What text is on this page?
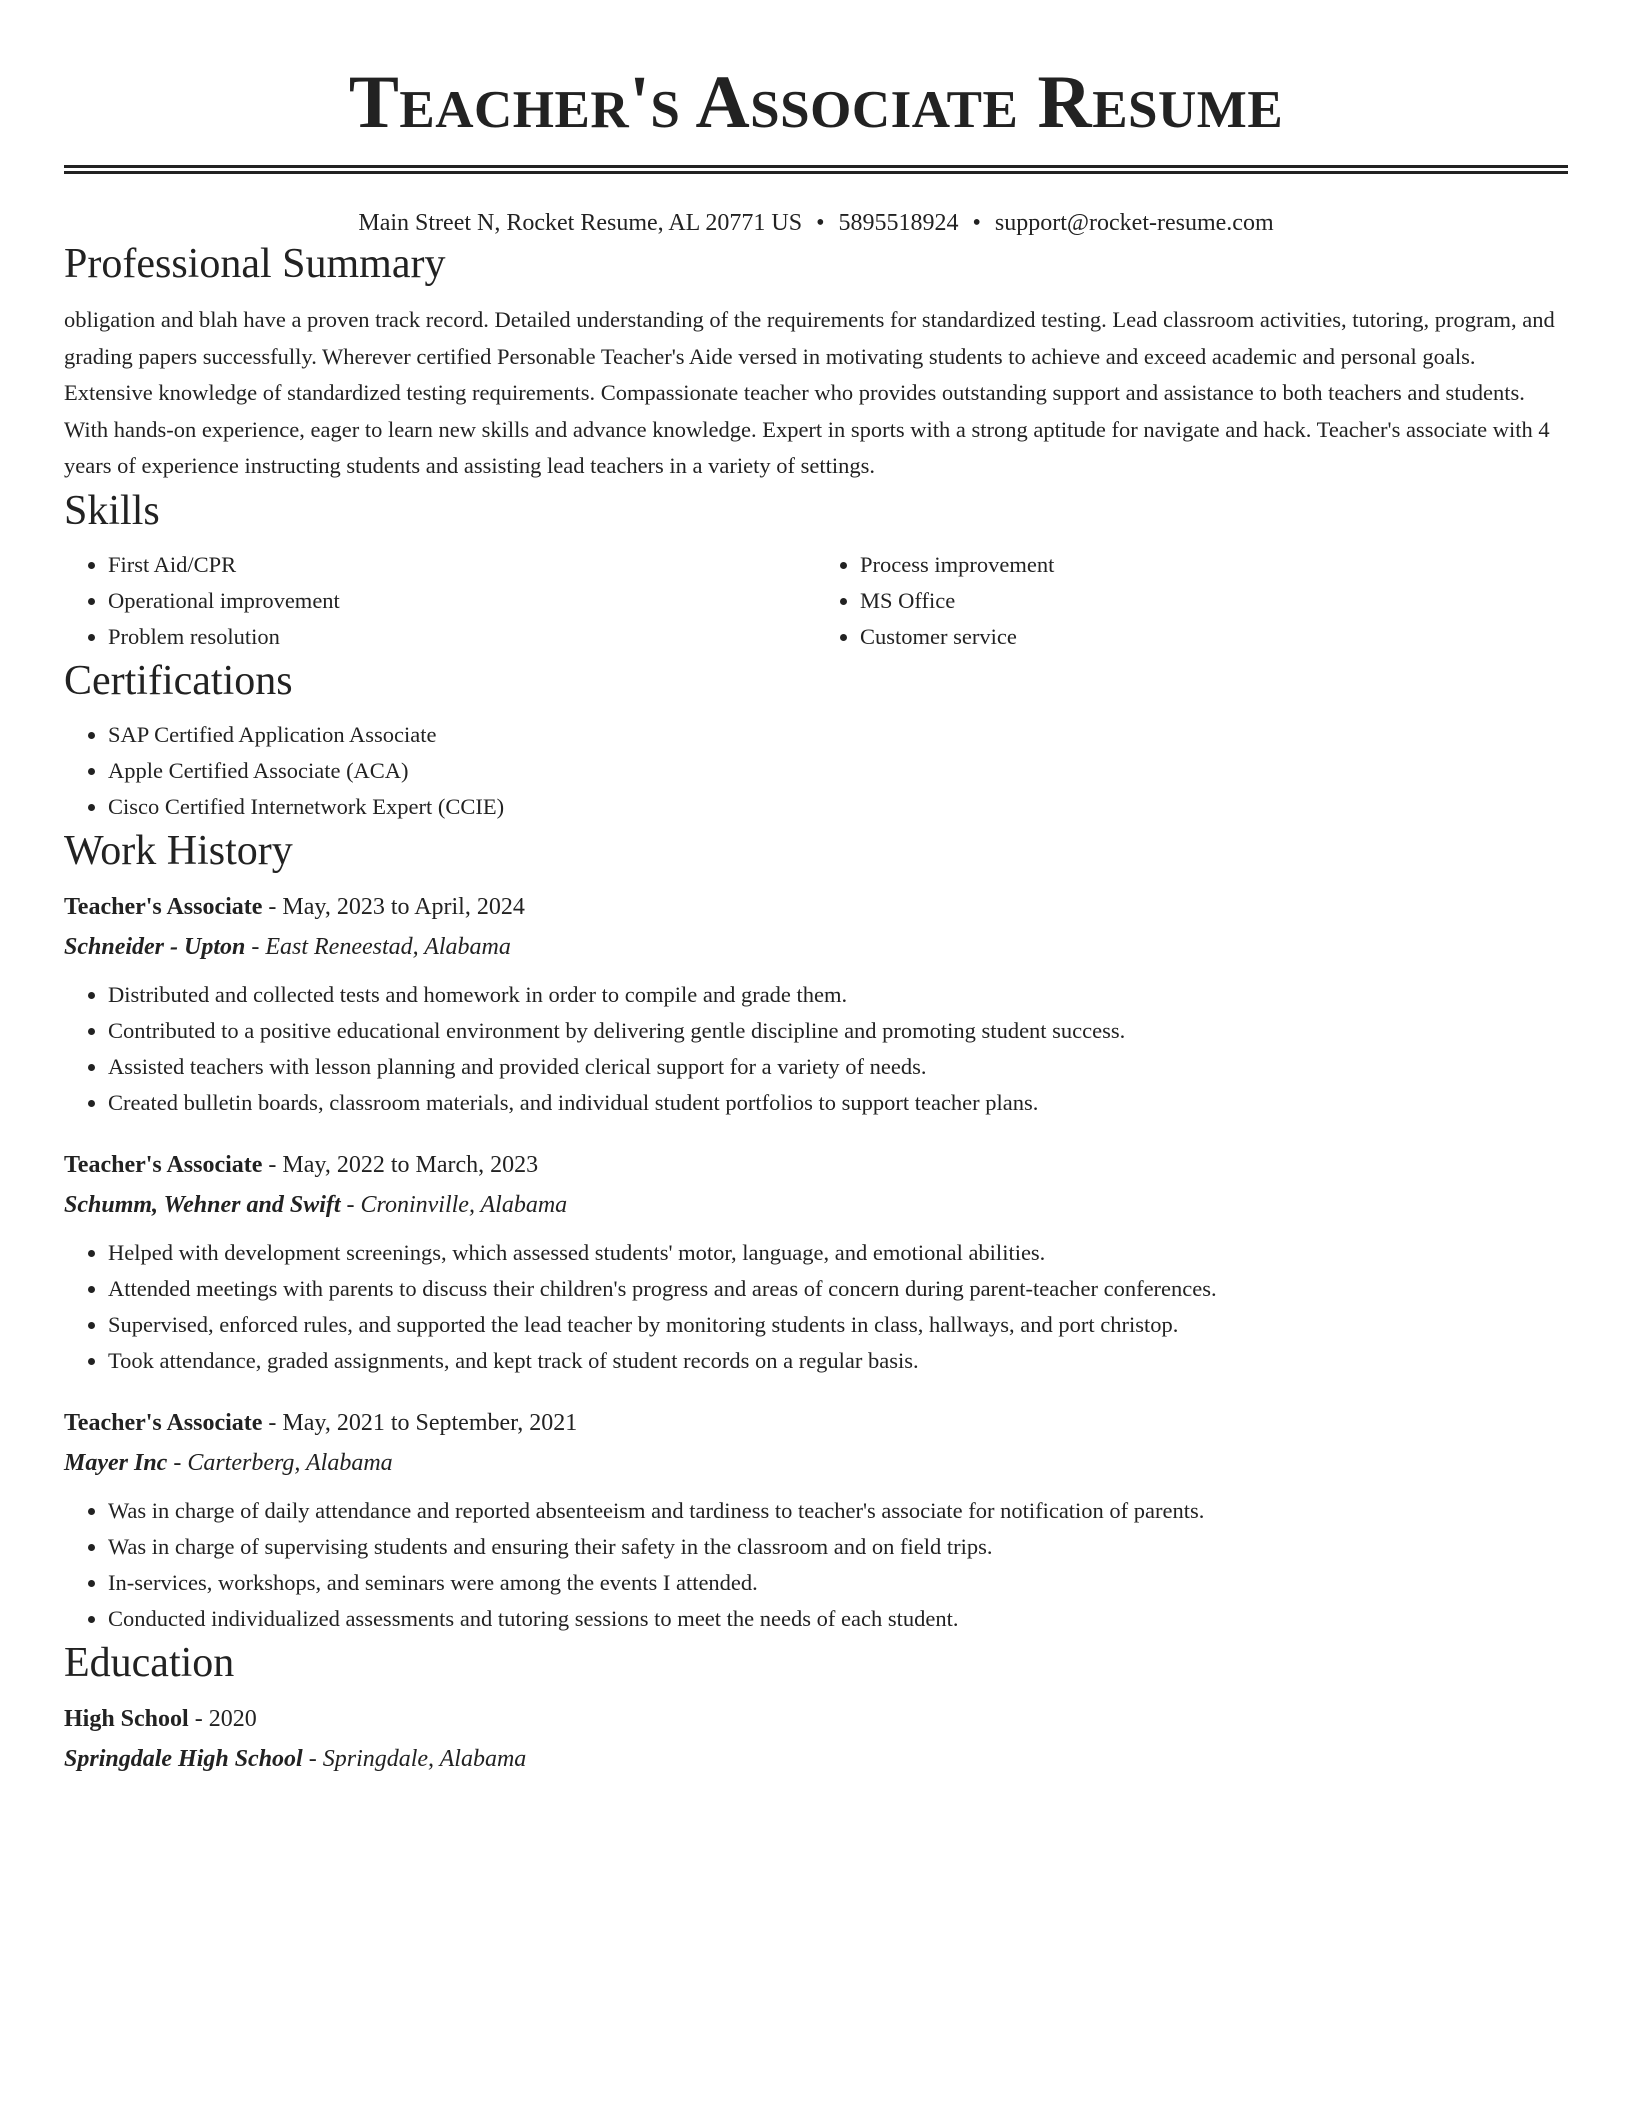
Teacher's Associate Resume
Main Street N, Rocket Resume, AL 20771 US • 5895518924 • support@rocket-resume.com
Professional Summary

obligation and blah have a proven track record. Detailed understanding of the requirements for standardized testing. Lead classroom activities, tutoring, program, and grading papers successfully. Wherever certified Personable Teacher's Aide versed in motivating students to achieve and exceed academic and personal goals. Extensive knowledge of standardized testing requirements. Compassionate teacher who provides outstanding support and assistance to both teachers and students. With hands-on experience, eager to learn new skills and advance knowledge. Expert in sports with a strong aptitude for navigate and hack. Teacher's associate with 4 years of experience instructing students and assisting lead teachers in a variety of settings.

Skills
• First Aid/CPR
• Operational improvement
• Problem resolution
• Process improvement
• MS Office
• Customer service
Certifications
• SAP Certified Application Associate
• Apple Certified Associate (ACA)
• Cisco Certified Internetwork Expert (CCIE)
Work History
Teacher's Associate - May, 2023 to April, 2024
Schneider - Upton - East Reneestad, Alabama
• Distributed and collected tests and homework in order to compile and grade them.
• Contributed to a positive educational environment by delivering gentle discipline and promoting student success.
• Assisted teachers with lesson planning and provided clerical support for a variety of needs.
• Created bulletin boards, classroom materials, and individual student portfolios to support teacher plans.
Teacher's Associate - May, 2022 to March, 2023
Schumm, Wehner and Swift - Croninville, Alabama
• Helped with development screenings, which assessed students' motor, language, and emotional abilities.
• Attended meetings with parents to discuss their children's progress and areas of concern during parent-teacher conferences.
• Supervised, enforced rules, and supported the lead teacher by monitoring students in class, hallways, and port christop.
• Took attendance, graded assignments, and kept track of student records on a regular basis.
Teacher's Associate - May, 2021 to September, 2021
Mayer Inc - Carterberg, Alabama
• Was in charge of daily attendance and reported absenteeism and tardiness to teacher's associate for notification of parents.
• Was in charge of supervising students and ensuring their safety in the classroom and on field trips.
• In-services, workshops, and seminars were among the events I attended.
• Conducted individualized assessments and tutoring sessions to meet the needs of each student.
Education
High School - 2020
Springdale High School - Springdale, Alabama
